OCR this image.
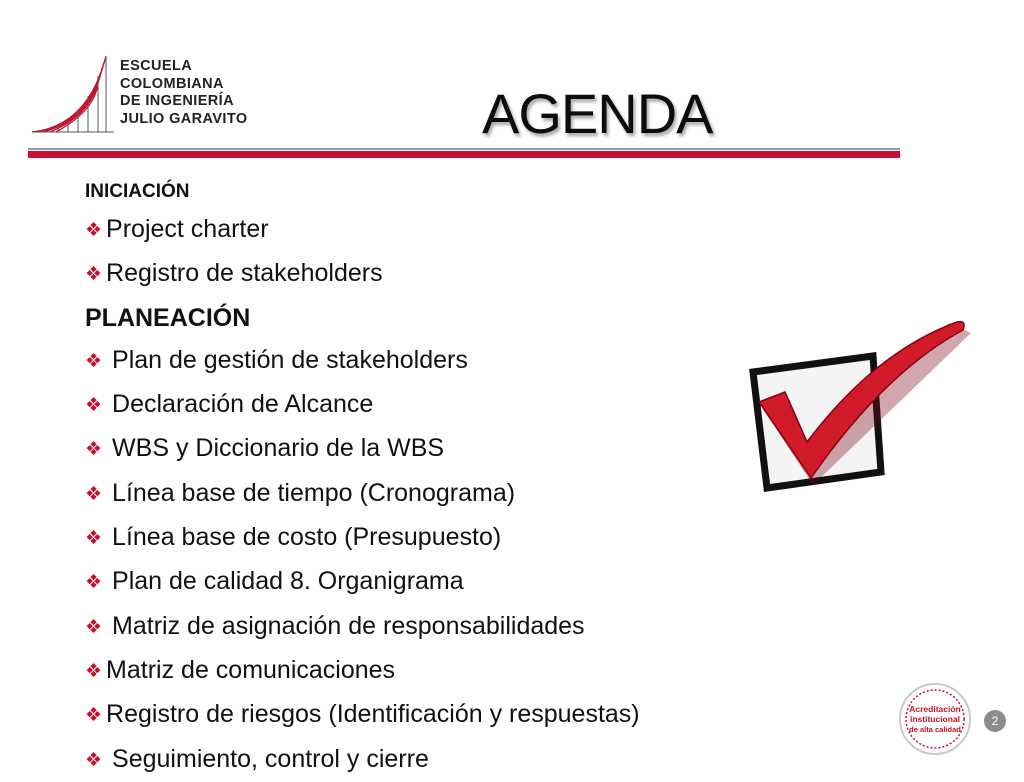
ESCUELA
COLOMBIANA
DE INGENIERÍA
JULIO GARAVITO	AGENDA
INICIACIÓN
❖ Project charter
❖ Registro de stakeholders
PLANEACIÓN
❖ Plan de gestión de stakeholders
❖ Declaración de Alcance
❖ WBS y Diccionario de la WBS
❖ Línea base de tiempo (Cronograma)
❖ Línea base de costo (Presupuesto)
❖ Plan de calidad 8. Organigrama
❖ Matriz de asignación de responsabilidades
❖ Matriz de comunicaciones
❖ Registro de riesgos (Identificación y respuestas)
❖ Seguimiento, control y cierre
Acreditación
institucional
de alta calidad
2
